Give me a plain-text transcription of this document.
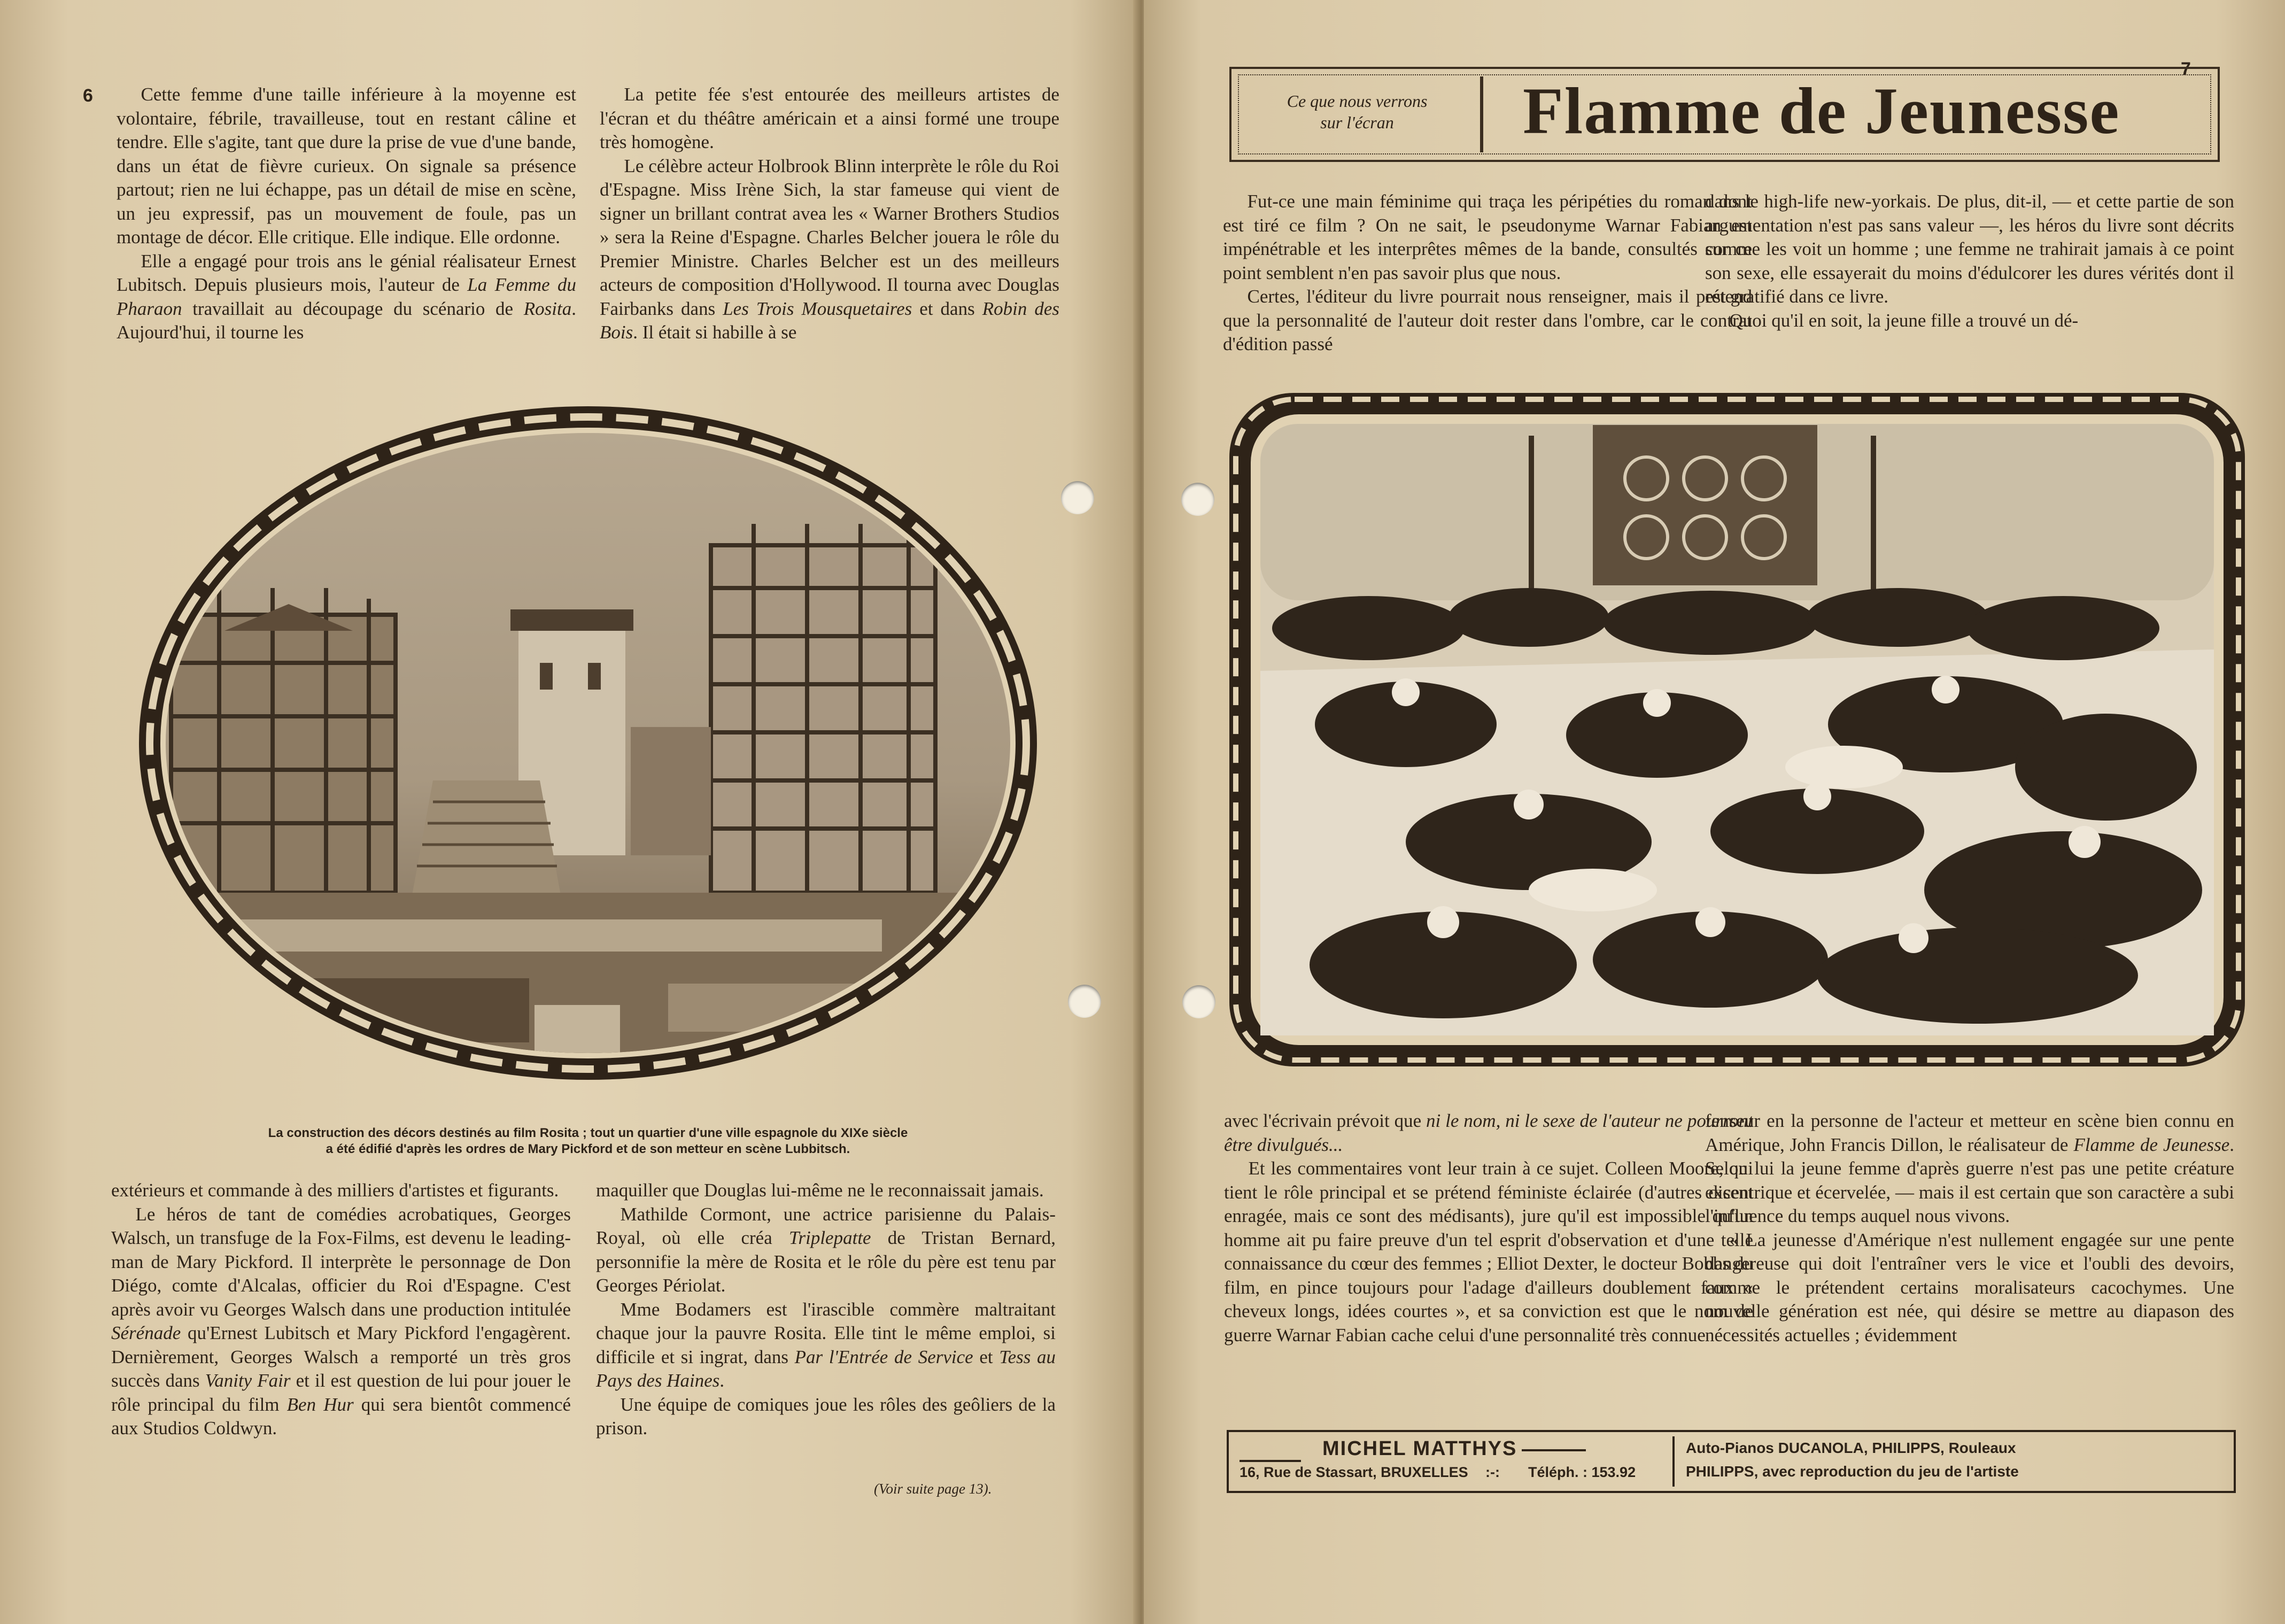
6	Cette femme d'une taille inférieure à la moyenne est volontaire, fébrile, travailleuse, tout en restant câline et tendre. Elle s'agite, tant que dure la prise de vue d'une bande, dans un état de fièvre curieux. On signale sa présence partout; rien ne lui échappe, pas un détail de mise en scène, un jeu expressif, pas un mouvement de foule, pas un montage de décor. Elle critique. Elle indique. Elle ordonne.

Elle a engagé pour trois ans le génial réalisateur Ernest Lubitsch. Depuis plusieurs mois, l'auteur de La Femme du Pharaon travaillait au découpage du scénario de Rosita. Aujourd'hui, il tourne les

La petite fée s'est entourée des meilleurs artistes de l'écran et du théâtre américain et a ainsi formé une troupe très homogène.

Le célèbre acteur Holbrook Blinn interprète le rôle du Roi d'Espagne. Miss Irène Sich, la star fameuse qui vient de signer un brillant contrat avea les « Warner Brothers Studios » sera la Reine d'Espagne. Charles Belcher jouera le rôle du Premier Ministre. Charles Belcher est un des meilleurs acteurs de composition d'Hollywood. Il tourna avec Douglas Fairbanks dans Les Trois Mousquetaires et dans Robin des Bois. Il était si habille à se

La construction des décors destinés au film Rosita ; tout un quartier d'une ville espagnole du XIXe siècle
a été édifié d'après les ordres de Mary Pickford et de son metteur en scène Lubbitsch.

extérieurs et commande à des milliers d'artistes et figurants.

Le héros de tant de comédies acrobatiques, Georges Walsch, un transfuge de la Fox-Films, est devenu le leading-man de Mary Pickford. Il interprète le personnage de Don Diégo, comte d'Alcalas, officier du Roi d'Espagne. C'est après avoir vu Georges Walsch dans une production intitulée Sérénade qu'Ernest Lubitsch et Mary Pickford l'engagèrent. Dernièrement, Georges Walsch a remporté un très gros succès dans Vanity Fair et il est question de lui pour jouer le rôle principal du film Ben Hur qui sera bientôt commencé aux Studios Coldwyn.

maquiller que Douglas lui-même ne le reconnaissait jamais.

Mathilde Cormont, une actrice parisienne du Palais-Royal, où elle créa Triplepatte de Tristan Bernard, personnifie la mère de Rosita et le rôle du père est tenu par Georges Périolat.

Mme Bodamers est l'irascible commère maltraitant chaque jour la pauvre Rosita. Elle tint le même emploi, si difficile et si ingrat, dans Par l'Entrée de Service et Tess au Pays des Haines.

Une équipe de comiques joue les rôles des geôliers de la prison.

(Voir suite page 13).
7
Ce que nous verrons
sur l'écran	Flamme de Jeunesse

Fut-ce une main féminime qui traça les péripéties du roman dont est tiré ce film ? On ne sait, le pseudonyme Warnar Fabian est impénétrable et les interprêtes mêmes de la bande, consultés sur ce point semblent n'en pas savoir plus que nous.

Certes, l'éditeur du livre pourrait nous renseigner, mais il prétend que la personnalité de l'auteur doit rester dans l'ombre, car le contrat d'édition passé

dans le high-life new-yorkais. De plus, dit-il, — et cette partie de son argumentation n'est pas sans valeur —, les héros du livre sont décrits comme les voit un homme ; une femme ne trahirait jamais à ce point son sexe, elle essayerait du moins d'édulcorer les dures vérités dont il est gratifié dans ce livre.

Quoi qu'il en soit, la jeune fille a trouvé un dé-

avec l'écrivain prévoit que ni le nom, ni le sexe de l'auteur ne pourront être divulgués...

Et les commentaires vont leur train à ce sujet. Colleen Moore, qui tient le rôle principal et se prétend féministe éclairée (d'autres disent enragée, mais ce sont des médisants), jure qu'il est impossible qu'un homme ait pu faire preuve d'un tel esprit d'observation et d'une telle connaissance du cœur des femmes ; Elliot Dexter, le docteur Bobbs du film, en pince toujours pour l'adage d'ailleurs doublement faux « cheveux longs, idées courtes », et sa conviction est que le nom de guerre Warnar Fabian cache celui d'une personnalité très connue

fenseur en la personne de l'acteur et metteur en scène bien connu en Amérique, John Francis Dillon, le réalisateur de Flamme de Jeunesse. Selon lui la jeune femme d'après guerre n'est pas une petite créature excentrique et écervelée, — mais il est certain que son caractère a subi l'influence du temps auquel nous vivons.

« La jeunesse d'Amérique n'est nullement engagée sur une pente dangereuse qui doit l'entraîner vers le vice et l'oubli des devoirs, comme le prétendent certains moralisateurs cacochymes. Une nouvelle génération est née, qui désire se mettre au diapason des nécessités actuelles ; évidemment

MICHEL MATTHYS
16, Rue de Stassart, BRUXELLES :-: Téléph. : 153.92
Auto-Pianos DUCANOLA, PHILIPPS, Rouleaux
PHILIPPS, avec reproduction du jeu de l'artiste
